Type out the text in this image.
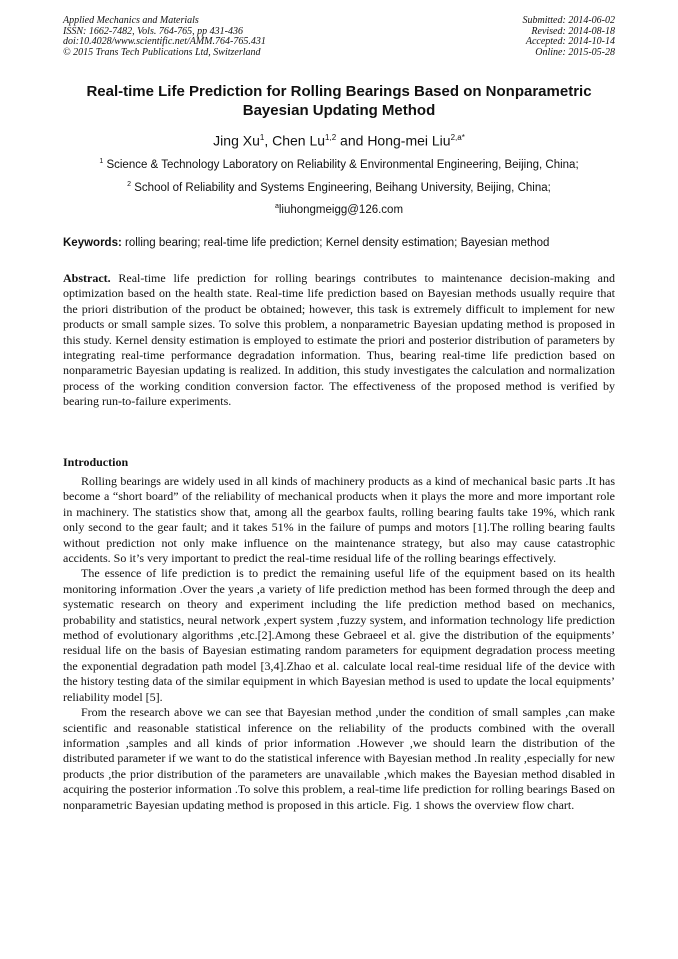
Applied Mechanics and Materials
ISSN: 1662-7482, Vols. 764-765, pp 431-436
doi:10.4028/www.scientific.net/AMM.764-765.431
© 2015 Trans Tech Publications Ltd, Switzerland
Submitted: 2014-06-02
Revised: 2014-08-18
Accepted: 2014-10-14
Online: 2015-05-28
Real-time Life Prediction for Rolling Bearings Based on Nonparametric
Bayesian Updating Method
Jing Xu$^1$, Chen Lu$^{1,2}$ and Hong-mei Liu$^{2,a*}$
$^1$ Science & Technology Laboratory on Reliability & Environmental Engineering, Beijing, China;
$^2$ School of Reliability and Systems Engineering, Beihang University, Beijing, China;
$^a$liuhongmeigg@126.com
Keywords: rolling bearing; real-time life prediction; Kernel density estimation; Bayesian method

Abstract. Real-time life prediction for rolling bearings contributes to maintenance decision-making and optimization based on the health state. Real-time life prediction based on Bayesian methods usually require that the priori distribution of the product be obtained; however, this task is extremely difficult to implement for new products or small sample sizes. To solve this problem, a nonparametric Bayesian updating method is proposed in this study. Kernel density estimation is employed to estimate the priori and posterior distribution of parameters by integrating real-time performance degradation information. Thus, bearing real-time life prediction based on nonparametric Bayesian updating is realized. In addition, this study investigates the calculation and normalization process of the working condition conversion factor. The effectiveness of the proposed method is verified by bearing run-to-failure experiments.

Introduction

Rolling bearings are widely used in all kinds of machinery products as a kind of mechanical basic parts .It has become a “short board” of the reliability of mechanical products when it plays the more and more important role in machinery. The statistics show that, among all the gearbox faults, rolling bearing faults take 19%, which rank only second to the gear fault; and it takes 51% in the failure of pumps and motors [1].The rolling bearing faults without prediction not only make influence on the maintenance strategy, but also may cause catastrophic accidents. So it’s very important to predict the real-time residual life of the rolling bearings effectively.

The essence of life prediction is to predict the remaining useful life of the equipment based on its health monitoring information .Over the years ,a variety of life prediction method has been formed through the deep and systematic research on theory and experiment including the life prediction method based on mechanics, probability and statistics, neural network ,expert system ,fuzzy system, and information technology life prediction method of evolutionary algorithms ,etc.[2].Among these Gebraeel et al. give the distribution of the equipments’ residual life on the basis of Bayesian estimating random parameters for equipment degradation process meeting the exponential degradation path model [3,4].Zhao et al. calculate local real-time residual life of the device with the history testing data of the similar equipment in which Bayesian method is used to update the local equipments’ reliability model [5].

From the research above we can see that Bayesian method ,under the condition of small samples ,can make scientific and reasonable statistical inference on the reliability of the products combined with the overall information ,samples and all kinds of prior information .However ,we should learn the distribution of the distributed parameter if we want to do the statistical inference with Bayesian method .In reality ,especially for new products ,the prior distribution of the parameters are unavailable ,which makes the Bayesian method disabled in acquiring the posterior information .To solve this problem, a real-time life prediction for rolling bearings Based on nonparametric Bayesian updating method is proposed in this article. Fig. 1 shows the overview flow chart.
